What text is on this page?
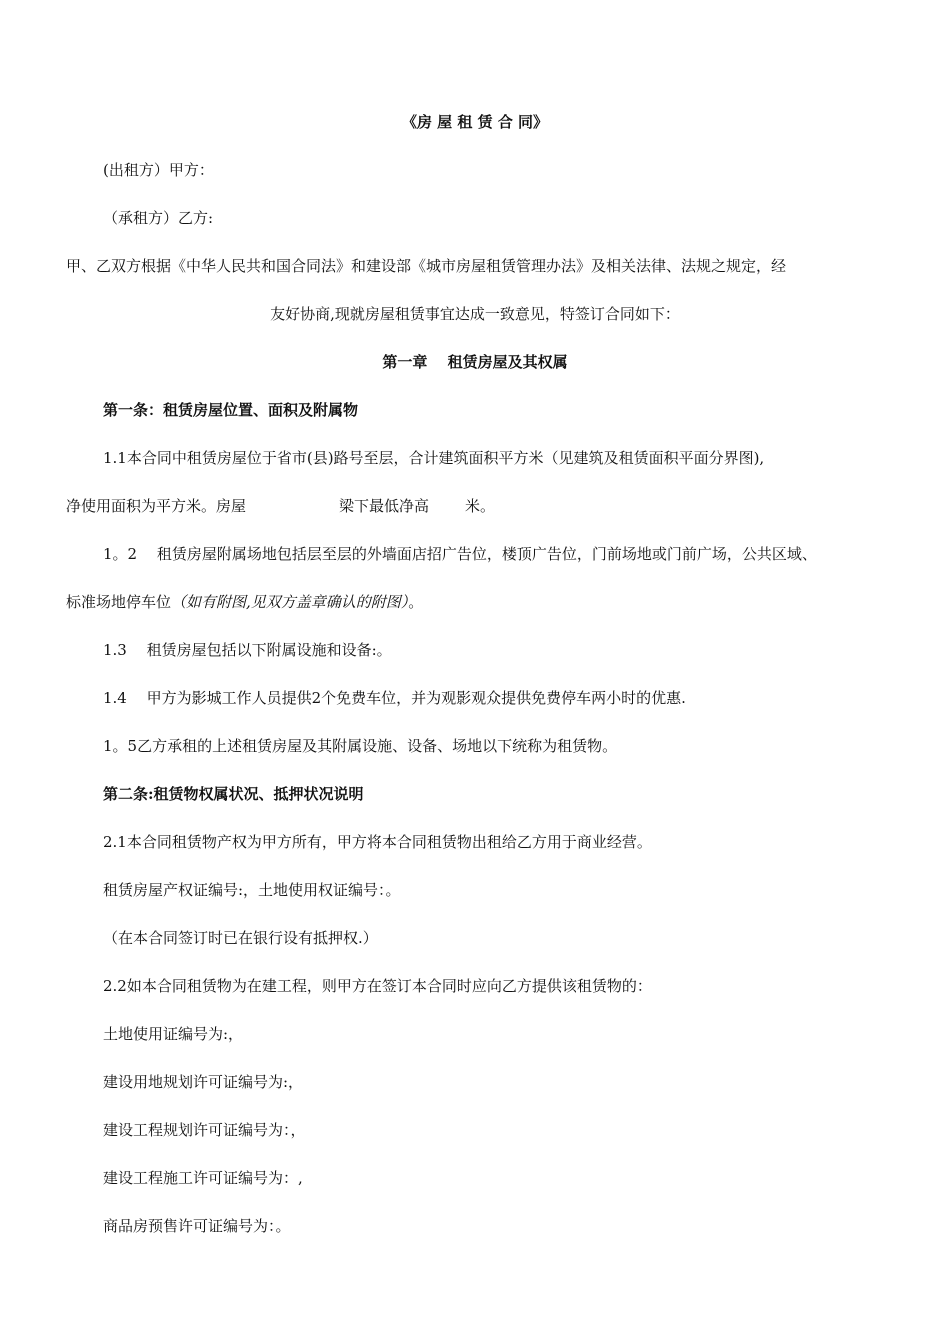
《房 屋 租 赁 合 同》
(出租方）甲方：
（承租方）乙方:
甲、乙双方根据《中华人民共和国合同法》和建设部《城市房屋租赁管理办法》及相关法律、法规之规定，经
友好协商,现就房屋租赁事宜达成一致意见，特签订合同如下：
第一章　 租赁房屋及其权属
第一条：租赁房屋位置、面积及附属物
1.1本合同中租赁房屋位于省市(县)路号至层，合计建筑面积平方米（见建筑及租赁面积平面分界图),
净使用面积为平方米。房屋	梁下最低净高 米。
1。2　 租赁房屋附属场地包括层至层的外墙面店招广告位，楼顶广告位，门前场地或门前广场，公共区域、
标准场地停车位（如有附图,见双方盖章确认的附图）。
1.3　 租赁房屋包括以下附属设施和设备:。
1.4　 甲方为影城工作人员提供2个免费车位，并为观影观众提供免费停车两小时的优惠.
1。5乙方承租的上述租赁房屋及其附属设施、设备、场地以下统称为租赁物。
第二条:租赁物权属状况、抵押状况说明
2.1本合同租赁物产权为甲方所有，甲方将本合同租赁物出租给乙方用于商业经营。
租赁房屋产权证编号:，土地使用权证编号：。
（在本合同签订时已在银行设有抵押权.）
2.2如本合同租赁物为在建工程，则甲方在签订本合同时应向乙方提供该租赁物的：
土地使用证编号为:，
建设用地规划许可证编号为:，
建设工程规划许可证编号为：，
建设工程施工许可证编号为：,
商品房预售许可证编号为：。
